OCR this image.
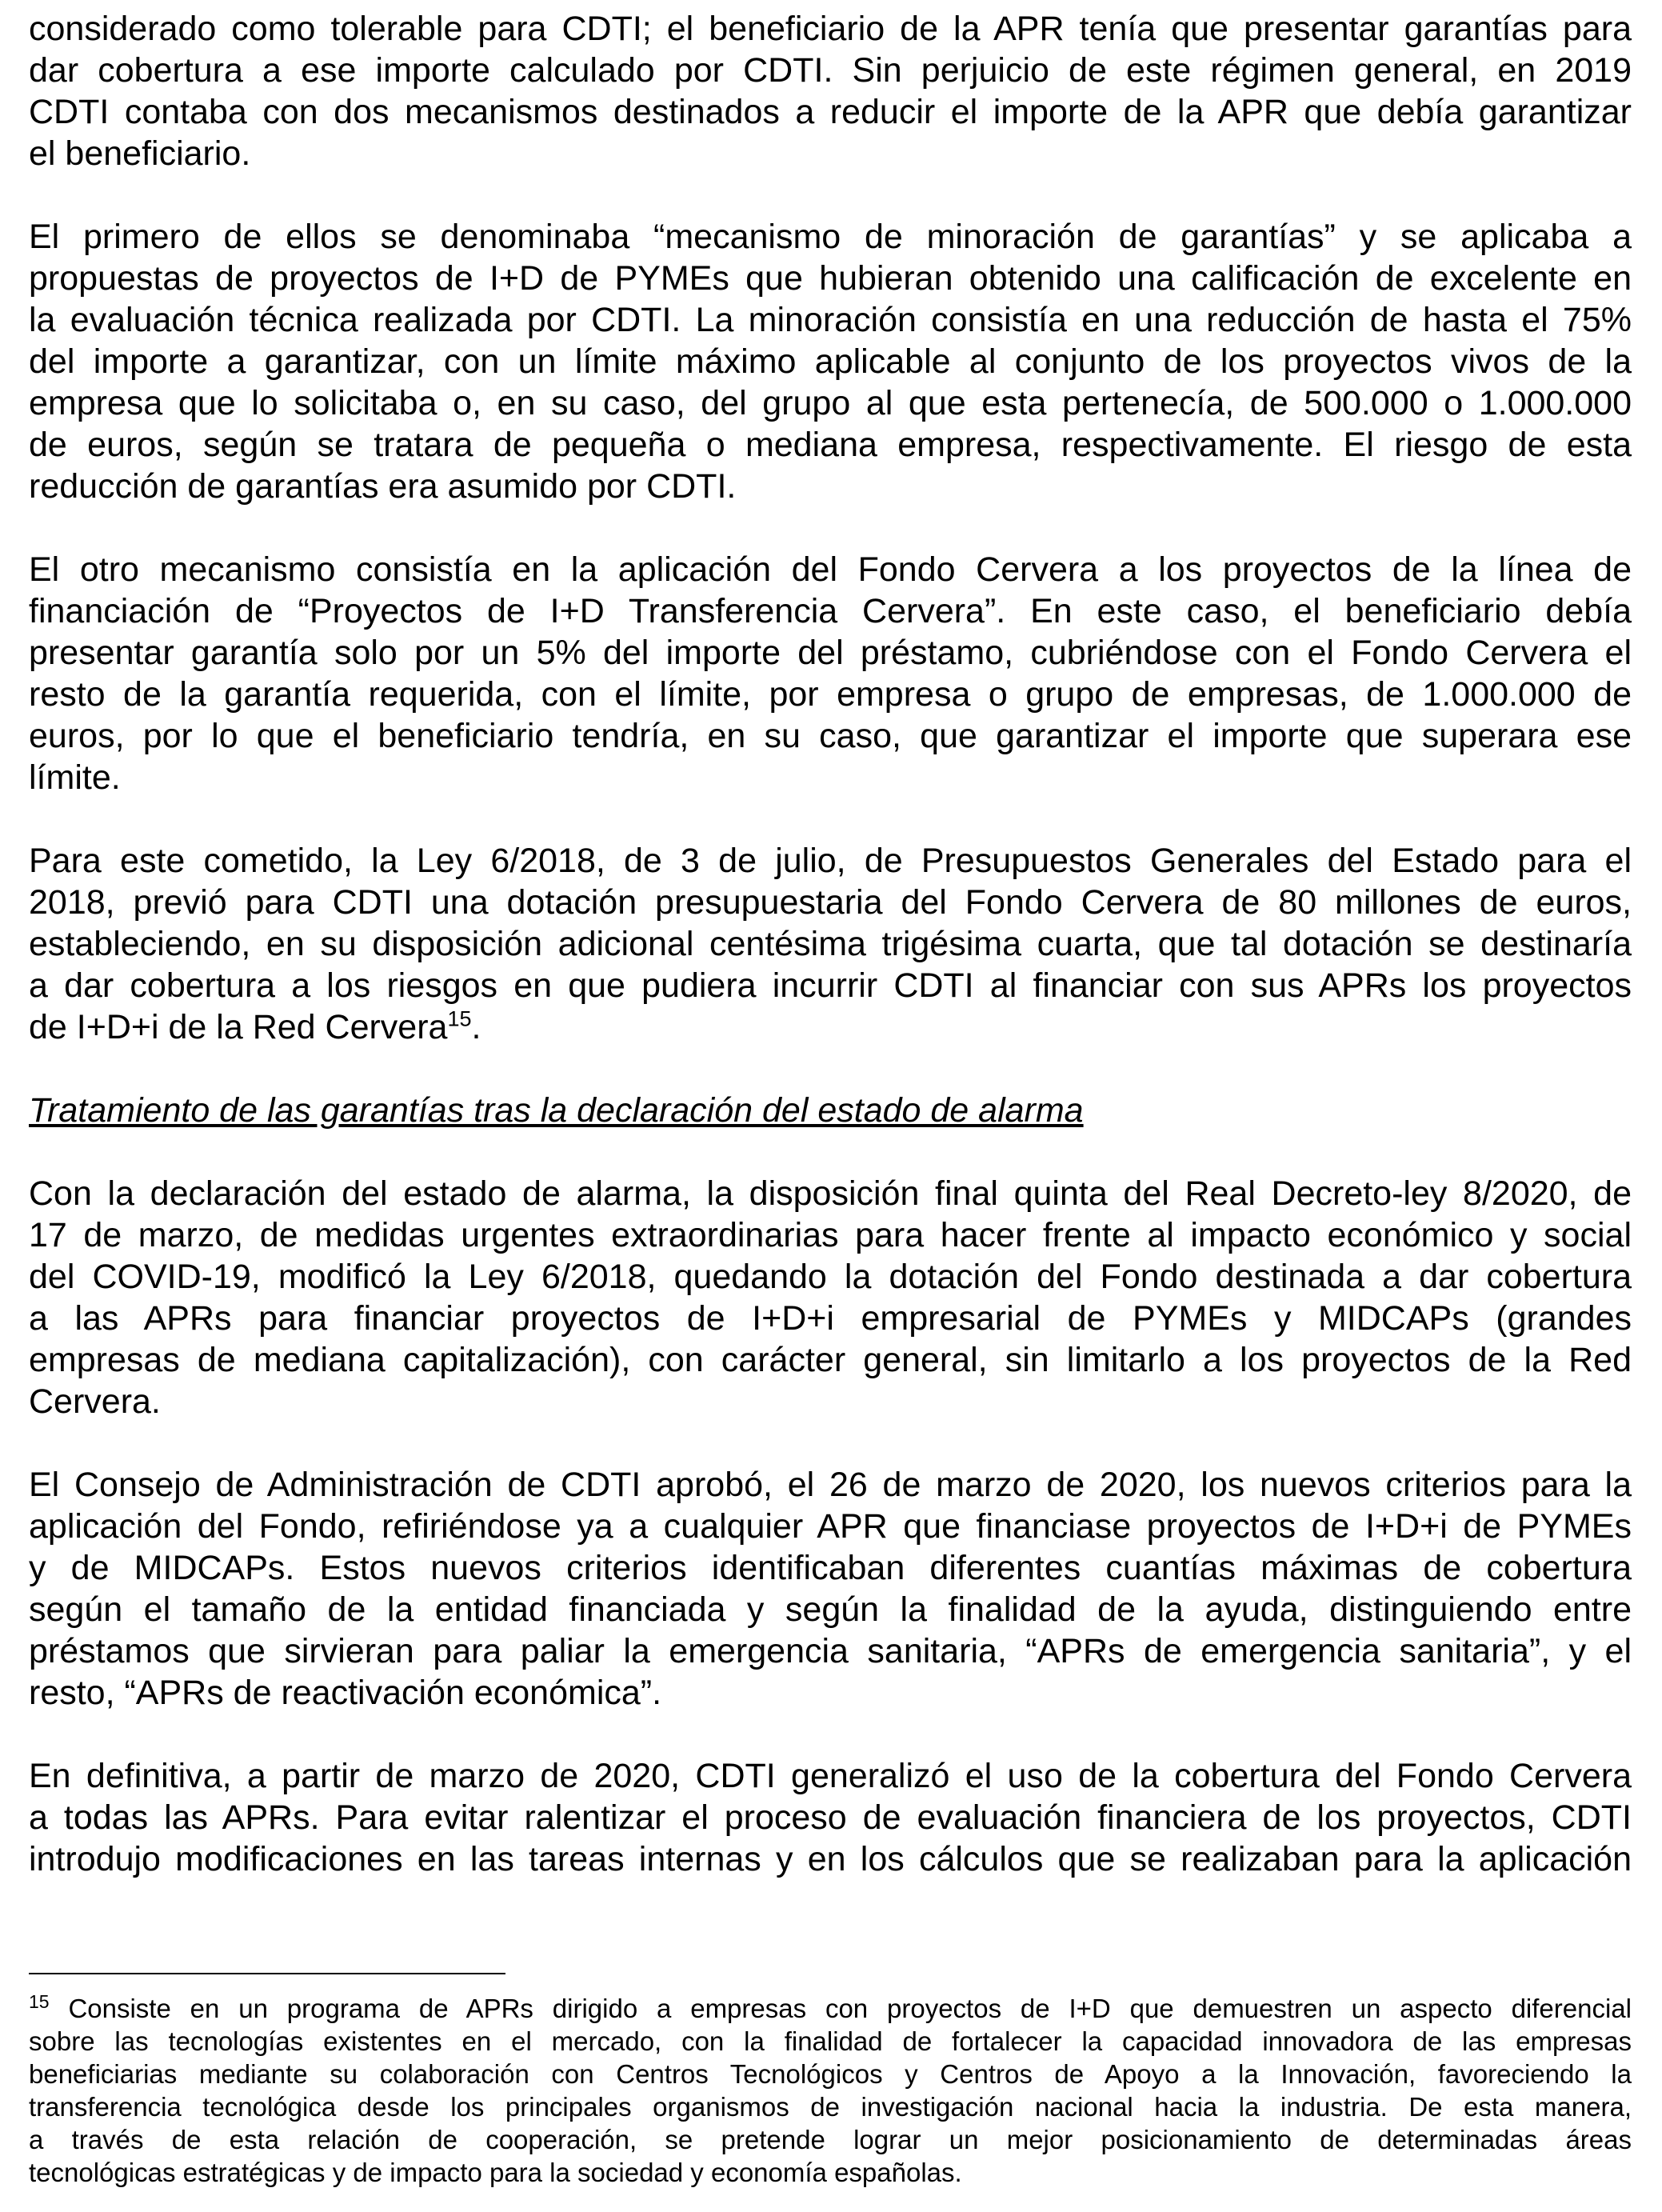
considerado como tolerable para CDTI; el beneficiario de la APR tenía que presentar garantías para
dar cobertura a ese importe calculado por CDTI. Sin perjuicio de este régimen general, en 2019
CDTI contaba con dos mecanismos destinados a reducir el importe de la APR que debía garantizar
el beneficiario.
El primero de ellos se denominaba “mecanismo de minoración de garantías” y se aplicaba a
propuestas de proyectos de I+D de PYMEs que hubieran obtenido una calificación de excelente en
la evaluación técnica realizada por CDTI. La minoración consistía en una reducción de hasta el 75%
del importe a garantizar, con un límite máximo aplicable al conjunto de los proyectos vivos de la
empresa que lo solicitaba o, en su caso, del grupo al que esta pertenecía, de 500.000 o 1.000.000
de euros, según se tratara de pequeña o mediana empresa, respectivamente. El riesgo de esta
reducción de garantías era asumido por CDTI.
El otro mecanismo consistía en la aplicación del Fondo Cervera a los proyectos de la línea de
financiación de “Proyectos de I+D Transferencia Cervera”. En este caso, el beneficiario debía
presentar garantía solo por un 5% del importe del préstamo, cubriéndose con el Fondo Cervera el
resto de la garantía requerida, con el límite, por empresa o grupo de empresas, de 1.000.000 de
euros, por lo que el beneficiario tendría, en su caso, que garantizar el importe que superara ese
límite.
Para este cometido, la Ley 6/2018, de 3 de julio, de Presupuestos Generales del Estado para el
2018, previó para CDTI una dotación presupuestaria del Fondo Cervera de 80 millones de euros,
estableciendo, en su disposición adicional centésima trigésima cuarta, que tal dotación se destinaría
a dar cobertura a los riesgos en que pudiera incurrir CDTI al financiar con sus APRs los proyectos
de I+D+i de la Red Cervera$^{15}$.
Tratamiento de las garantías tras la declaración del estado de alarma
Con la declaración del estado de alarma, la disposición final quinta del Real Decreto-ley 8/2020, de
17 de marzo, de medidas urgentes extraordinarias para hacer frente al impacto económico y social
del COVID-19, modificó la Ley 6/2018, quedando la dotación del Fondo destinada a dar cobertura
a las APRs para financiar proyectos de I+D+i empresarial de PYMEs y MIDCAPs (grandes
empresas de mediana capitalización), con carácter general, sin limitarlo a los proyectos de la Red
Cervera.
El Consejo de Administración de CDTI aprobó, el 26 de marzo de 2020, los nuevos criterios para la
aplicación del Fondo, refiriéndose ya a cualquier APR que financiase proyectos de I+D+i de PYMEs
y de MIDCAPs. Estos nuevos criterios identificaban diferentes cuantías máximas de cobertura
según el tamaño de la entidad financiada y según la finalidad de la ayuda, distinguiendo entre
préstamos que sirvieran para paliar la emergencia sanitaria, “APRs de emergencia sanitaria”, y el
resto, “APRs de reactivación económica”.
En definitiva, a partir de marzo de 2020, CDTI generalizó el uso de la cobertura del Fondo Cervera
a todas las APRs. Para evitar ralentizar el proceso de evaluación financiera de los proyectos, CDTI
introdujo modificaciones en las tareas internas y en los cálculos que se realizaban para la aplicación
$^{15}$ Consiste en un programa de APRs dirigido a empresas con proyectos de I+D que demuestren un aspecto diferencial
sobre las tecnologías existentes en el mercado, con la finalidad de fortalecer la capacidad innovadora de las empresas
beneficiarias mediante su colaboración con Centros Tecnológicos y Centros de Apoyo a la Innovación, favoreciendo la
transferencia tecnológica desde los principales organismos de investigación nacional hacia la industria. De esta manera,
a través de esta relación de cooperación, se pretende lograr un mejor posicionamiento de determinadas áreas
tecnológicas estratégicas y de impacto para la sociedad y economía españolas.
